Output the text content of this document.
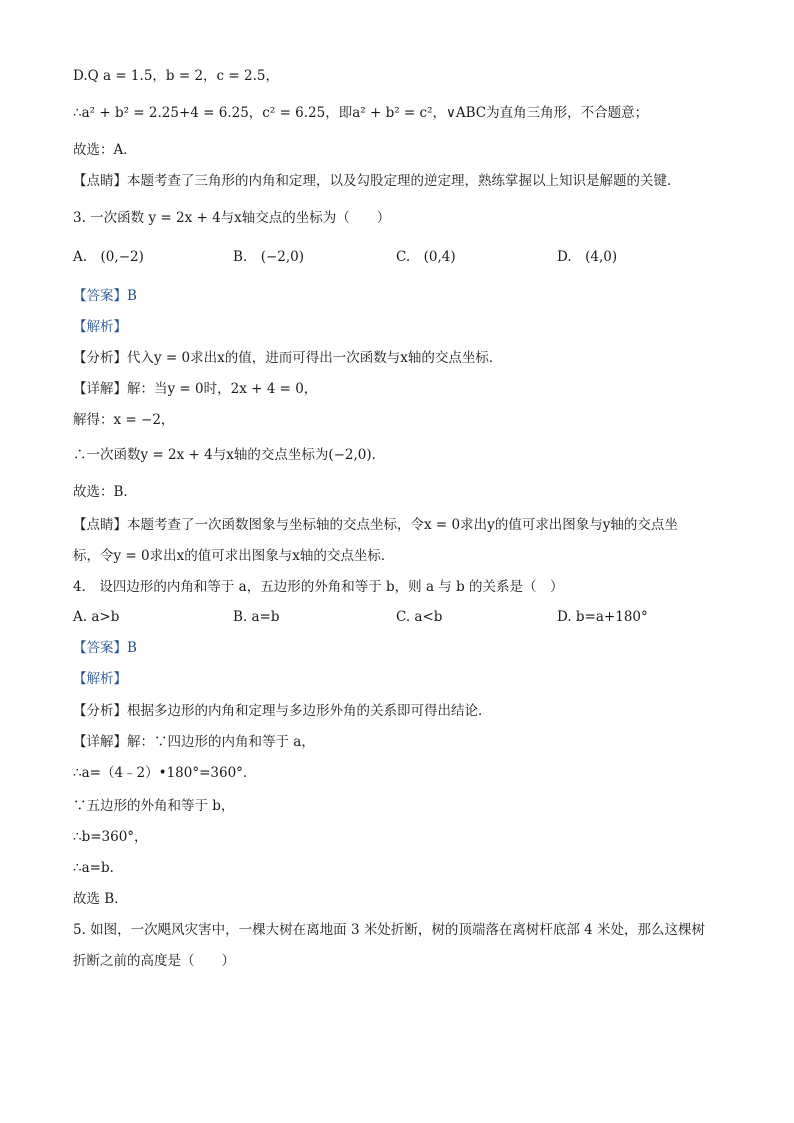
D.Q a = 1.5，b = 2，c = 2.5，
∴a² + b² = 2.25+4 = 6.25，c² = 6.25，即a² + b² = c²，∨ABC为直角三角形，不合题意；
故选：A．
【点睛】本题考查了三角形的内角和定理，以及勾股定理的逆定理，熟练掌握以上知识是解题的关键．
3. 一次函数 y = 2x + 4与x轴交点的坐标为（　　）
A.　(0,−2)	B.　(−2,0)	C.　(0,4)	D.　(4,0)
【答案】B
【解析】
【分析】代入y = 0求出x的值，进而可得出一次函数与x轴的交点坐标．
【详解】解：当y = 0时，2x + 4 = 0，
解得：x = −2，
∴一次函数y = 2x + 4与x轴的交点坐标为(−2,0)．
故选：B．
【点睛】本题考查了一次函数图象与坐标轴的交点坐标，令x = 0求出y的值可求出图象与y轴的交点坐
标，令y = 0求出x的值可求出图象与x轴的交点坐标．
4.　设四边形的内角和等于 a，五边形的外角和等于 b，则 a 与 b 的关系是（　）
A. a>b	B. a=b	C. a<b	D. b=a+180°
【答案】B
【解析】
【分析】根据多边形的内角和定理与多边形外角的关系即可得出结论．
【详解】解：∵四边形的内角和等于 a，
∴a=（4﹣2）•180°=360°．
∵五边形的外角和等于 b，
∴b=360°，
∴a=b．
故选 B．
5. 如图，一次飓风灾害中，一棵大树在离地面 3 米处折断，树的顶端落在离树杆底部 4 米处，那么这棵树
折断之前的高度是（　　）
